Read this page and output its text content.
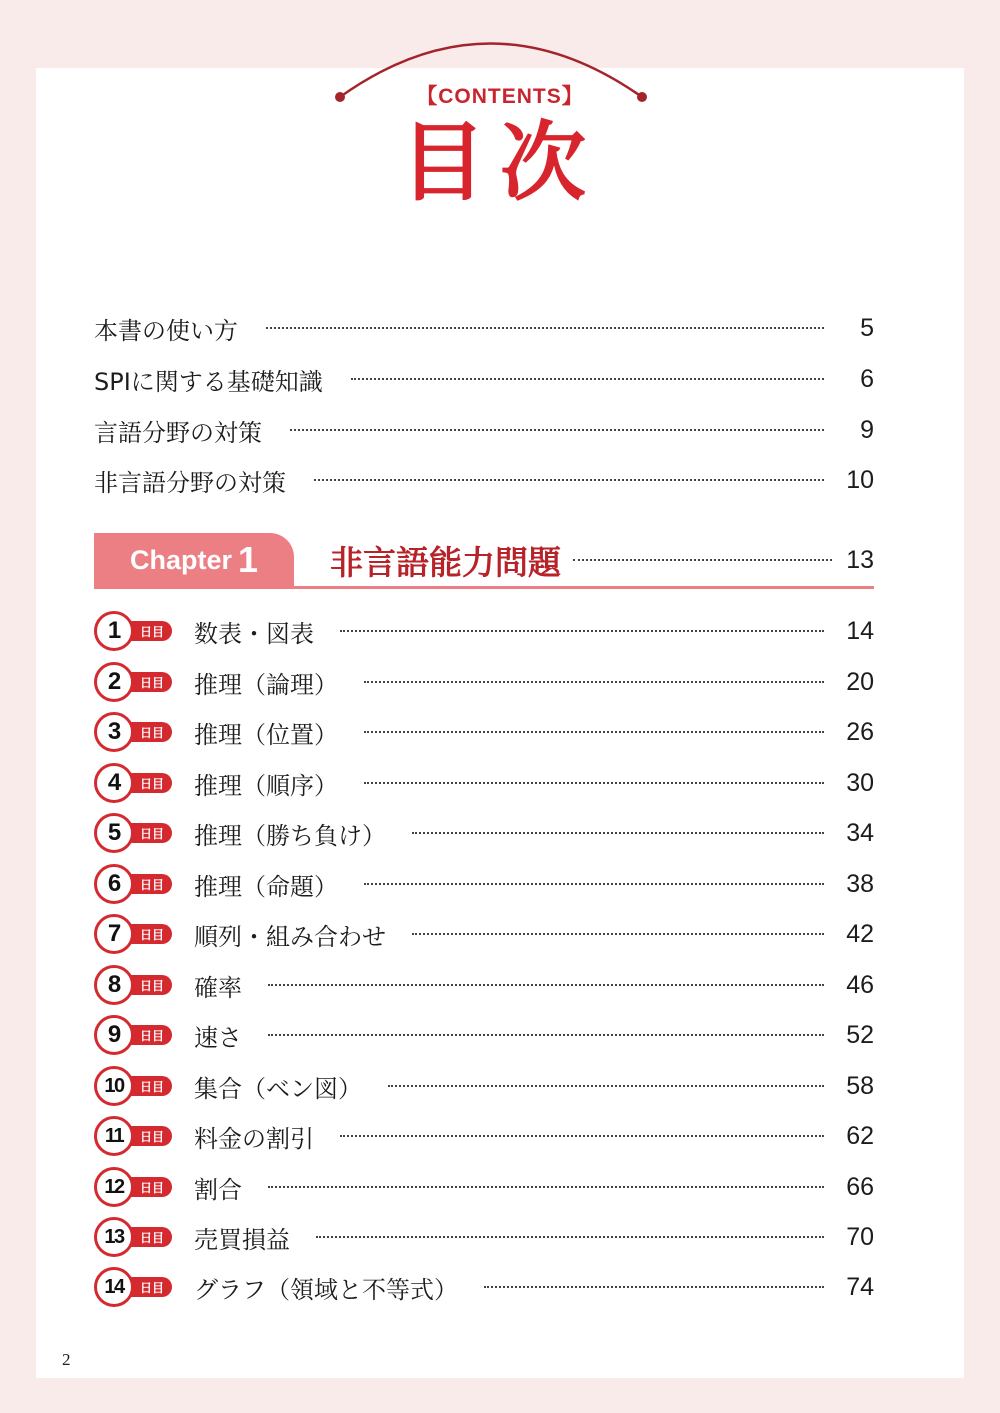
【CONTENTS】
目次
本書の使い方	5
SPIに関する基礎知識	6
言語分野の対策	9
非言語分野の対策	10
Chapter 1 非言語能力問題	13
日目
1	数表・図表	14
日目
2	推理（論理）	20
日目
3	推理（位置）	26
日目
4	推理（順序）	30
日目
5	推理（勝ち負け）	34
日目
6	推理（命題）	38
日目
7	順列・組み合わせ	42
日目
8	確率	46
日目
9	速さ	52
日目
10	集合（ベン図）	58
日目
11	料金の割引	62
日目
12	割合	66
日目
13	売買損益	70
日目
14	グラフ（領域と不等式）	74
2
